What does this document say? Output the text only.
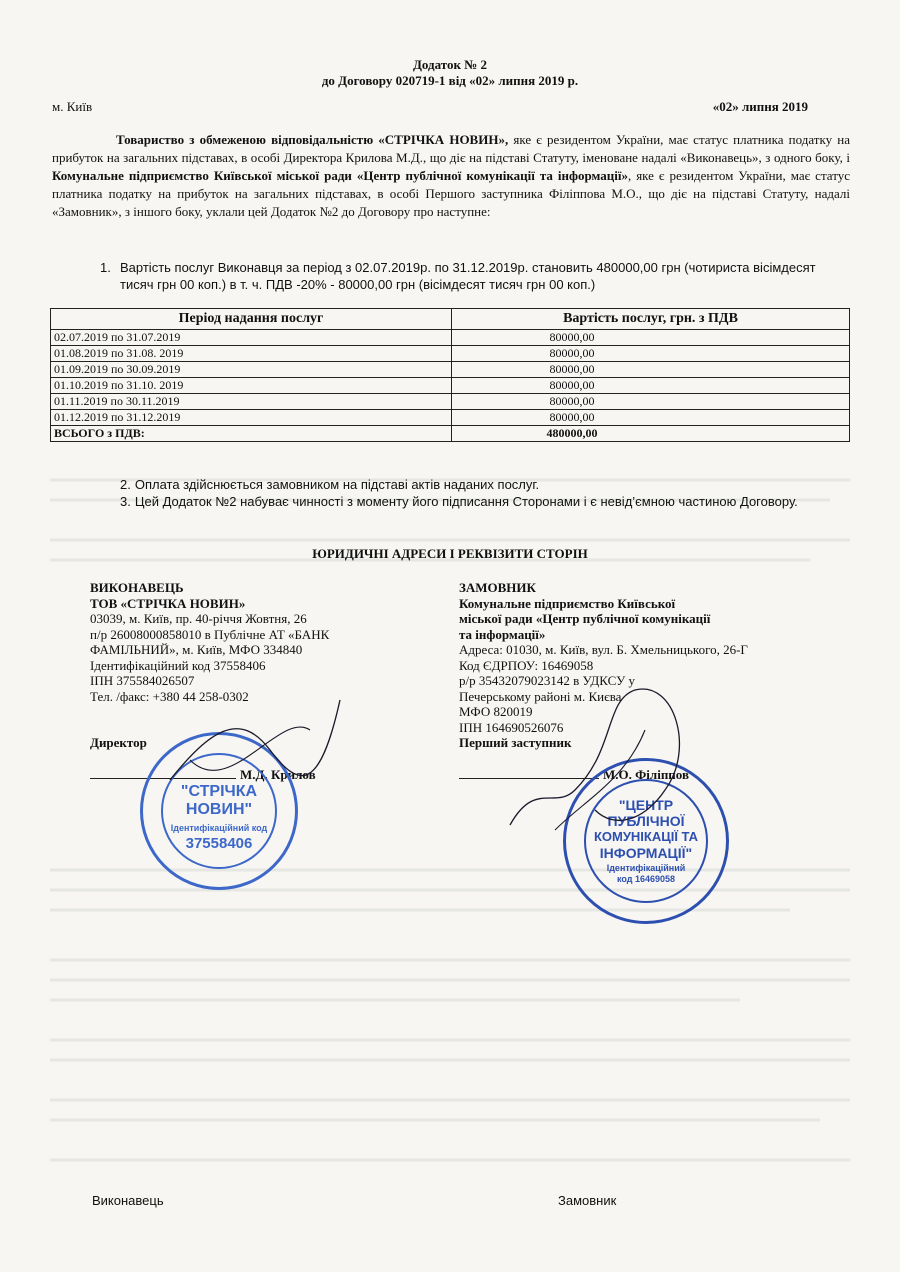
Додаток № 2
до Договору 020719-1 від «02» липня 2019 р.
м. Київ	«02» липня 2019
Товариство з обмеженою відповідальністю «СТРІЧКА НОВИН», яке є резидентом України, має статус платника податку на прибуток на загальних підставах, в особі Директора Крилова М.Д., що діє на підставі Статуту, іменоване надалі «Виконавець», з одного боку, і Комунальне підприємство Київської міської ради «Центр публічної комунікації та інформації», яке є резидентом України, має статус платника податку на прибуток на загальних підставах, в особі Першого заступника Філіппова М.О., що діє на підставі Статуту, надалі «Замовник», з іншого боку, уклали цей Додаток №2 до Договору про наступне:
1. Вартість послуг Виконавця за період з 02.07.2019р. по 31.12.2019р. становить 480000,00 грн (чотириста вісімдесят тисяч грн 00 коп.) в т. ч. ПДВ -20% - 80000,00 грн (вісімдесят тисяч грн 00 коп.)
Період надання послуг	Вартість послуг, грн. з ПДВ
02.07.2019 по 31.07.2019	80000,00
01.08.2019 по 31.08. 2019	80000,00
01.09.2019 по 30.09.2019	80000,00
01.10.2019 по 31.10. 2019	80000,00
01.11.2019 по 30.11.2019	80000,00
01.12.2019 по 31.12.2019	80000,00
ВСЬОГО з ПДВ:	480000,00
2. Оплата здійснюється замовником на підставі актів наданих послуг.
3. Цей Додаток №2 набуває чинності з моменту його підписання Сторонами і є невід’ємною частиною Договору.
ЮРИДИЧНІ АДРЕСИ І РЕКВІЗИТИ СТОРІН
ВИКОНАВЕЦЬ
ТОВ «СТРІЧКА НОВИН»
03039, м. Київ, пр. 40-річчя Жовтня, 26
п/р 26008000858010 в Публічне АТ «БАНК
ФАМІЛЬНИЙ», м. Київ, МФО 334840
Ідентифікаційний код 37558406
ІПН 375584026507
Тел. /факс: +380 44 258-0302
Директор
М.Д. Крилов
ЗАМОВНИК
Комунальне підприємство Київської
міської ради «Центр публічної комунікації
та інформації»
Адреса: 01030, м. Київ, вул. Б. Хмельницького, 26-Г
Код ЄДРПОУ: 16469058
р/р 35432079023142 в УДКСУ у
Печерському районі м. Києва
МФО 820019
ІПН 164690526076
Перший заступник
М.О. Філіппов
"СТРІЧКА
НОВИН"
Ідентифікаційний код
37558406
"ЦЕНТР
ПУБЛІЧНОЇ
КОМУНІКАЦІЇ ТА
ІНФОРМАЦІЇ"
Ідентифікаційний
код 16469058
Виконавець	Замовник
